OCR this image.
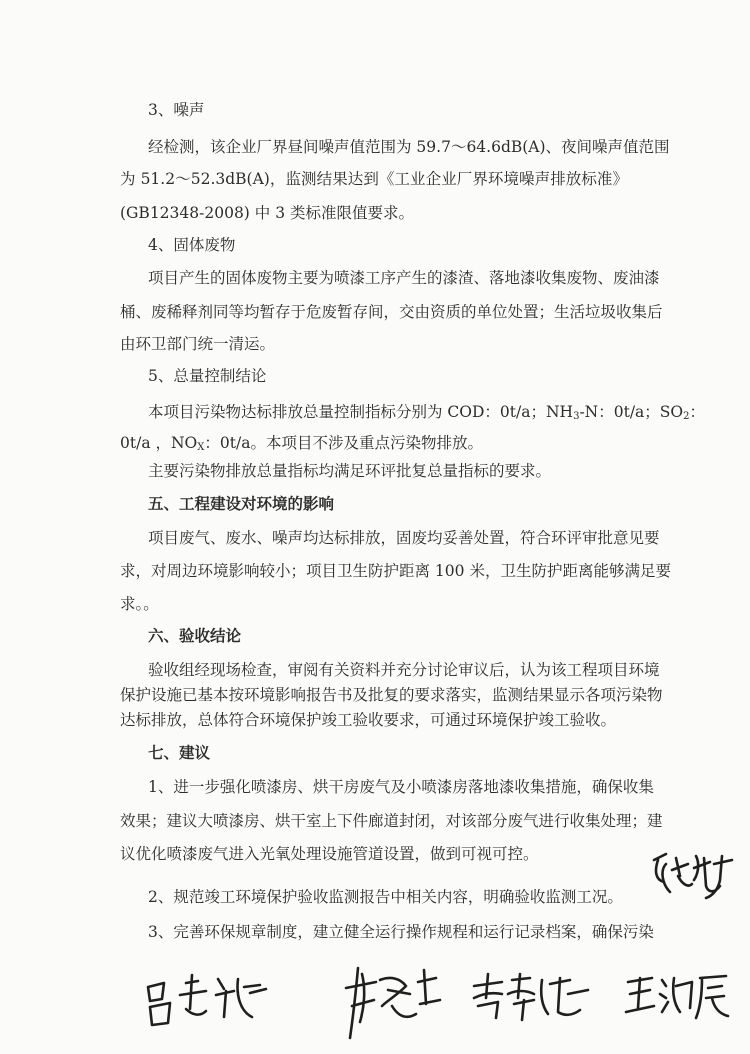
3、噪声
经检测，该企业厂界昼间噪声值范围为 59.7～64.6dB(A)、夜间噪声值范围
为 51.2～52.3dB(A)，监测结果达到《工业企业厂界环境噪声排放标准》
(GB12348-2008) 中 3 类标准限值要求。
4、固体废物
项目产生的固体废物主要为喷漆工序产生的漆渣、落地漆收集废物、废油漆
桶、废稀释剂同等均暂存于危废暂存间，交由资质的单位处置；生活垃圾收集后
由环卫部门统一清运。
5、总量控制结论
本项目污染物达标排放总量控制指标分别为 COD：0t/a；$NH_3-N$：0t/a；$SO_2$：
0t/a ，$NO_X$：0t/a。本项目不涉及重点污染物排放。
主要污染物排放总量指标均满足环评批复总量指标的要求。
五、工程建设对环境的影响
项目废气、废水、噪声均达标排放，固废均妥善处置，符合环评审批意见要
求，对周边环境影响较小；项目卫生防护距离 100 米，卫生防护距离能够满足要
求。。
六、验收结论
验收组经现场检查，审阅有关资料并充分讨论审议后，认为该工程项目环境
保护设施已基本按环境影响报告书及批复的要求落实，监测结果显示各项污染物
达标排放，总体符合环境保护竣工验收要求，可通过环境保护竣工验收。
七、建议
1、进一步强化喷漆房、烘干房废气及小喷漆房落地漆收集措施，确保收集
效果；建议大喷漆房、烘干室上下件廊道封闭，对该部分废气进行收集处理；建
议优化喷漆废气进入光氧处理设施管道设置，做到可视可控。
2、规范竣工环境保护验收监测报告中相关内容，明确验收监测工况。
3、完善环保规章制度，建立健全运行操作规程和运行记录档案，确保污染
